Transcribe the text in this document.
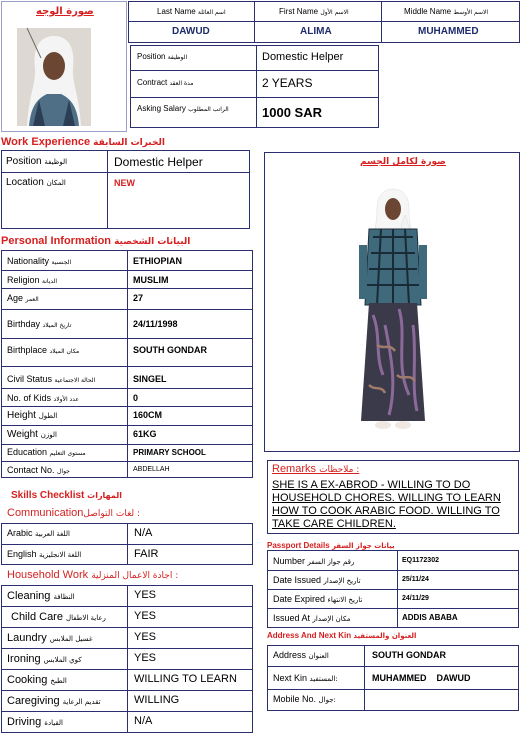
صورة الوجه	Last Name اسم العائلة	First Name الاسم الأول	Middle Name الاسم الأوسط
DAWUD	ALIMA	MUHAMMED
Position الوظيفة	Domestic Helper
Contract مدة العقد	2 YEARS
Asking Salary الراتب المطلوب	1000 SAR
Work Experience الخبرات السابقة
Position الوظيفة	Domestic Helper
Location المكان	NEW
صورة لكامل الجسم
Personal Information البيانات الشخصية
Nationality الجنسية	ETHIOPIAN
Religion الديانة	MUSLIM
Age العمر	27
Birthday تاريخ الميلاد	24/11/1998
Birthplace مكان الميلاد	SOUTH GONDAR
Civil Status الحالة الاجتماعية	SINGEL
No. of Kids عدد الأولاد	0
Height الطول	160CM
Weight الوزن	61KG
Education مستوى التعليم	PRIMARY SCHOOL
Contact No. جوال	ABDELLAH
Skills Checklist المهارات
Communicationلغات التواصل :
Arabic اللغة العربية	N/A
English اللغة الانجليزية	FAIR
Household Work اجادة الاعمال المنزلية :
Cleaning النظافة	YES
Child Care رعاية الاطفال	YES
Laundry غسيل الملابس	YES
Ironing كوي الملابس	YES
Cooking الطبخ	WILLING TO LEARN
Caregiving تقديم الرعاية	WILLING
Driving القيادة	N/A
Remarks ملاحظات :
SHE IS A EX-ABROD - WILLING TO DO
HOUSEHOLD CHORES. WILLING TO LEARN
HOW TO COOK ARABIC FOOD. WILLING TO
TAKE CARE CHILDREN.
Passport Details بيانات جواز السفر
Number رقم جواز السفر	EQ1172302
Date Issued تاريخ الإصدار	25/11/24
Date Expired تاريخ الانتهاء	24/11/29
Issued At مكان الإصدار	ADDIS ABABA
Address And Next Kin العنوان والمستفيد
Address العنوان	SOUTH GONDAR
Next Kin المستفيد:	MUHAMMED    DAWUD
Mobile No. جوال:
